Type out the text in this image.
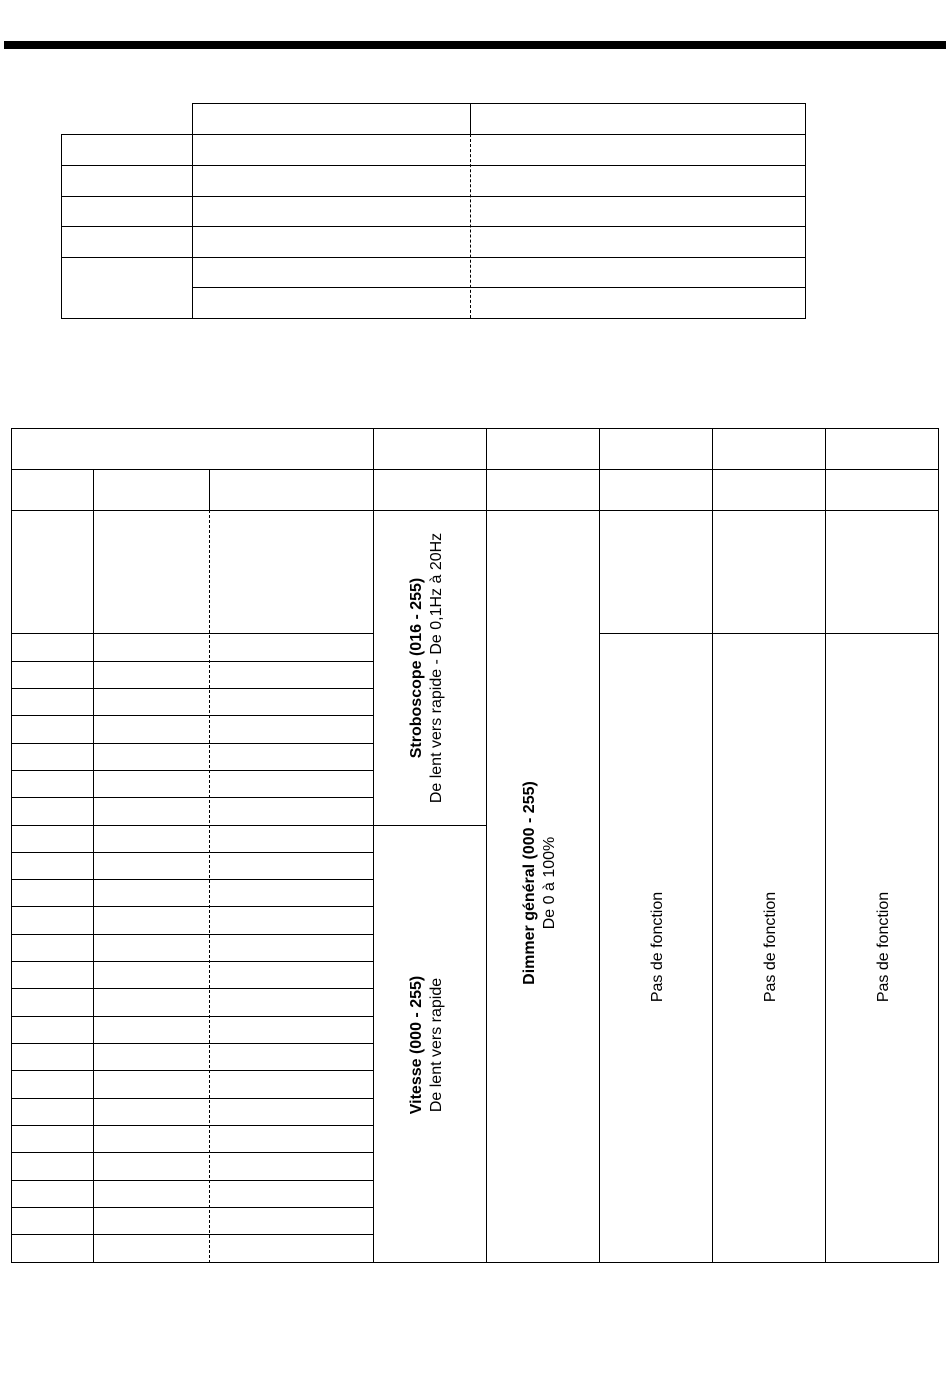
Stroboscope (016 - 255) De lent vers rapide - De 0,1Hz à 20Hz
Vitesse (000 - 255) De lent vers rapide
Dimmer général (000 - 255) De 0 à 100%
Pas de fonction	Pas de fonction	Pas de fonction
